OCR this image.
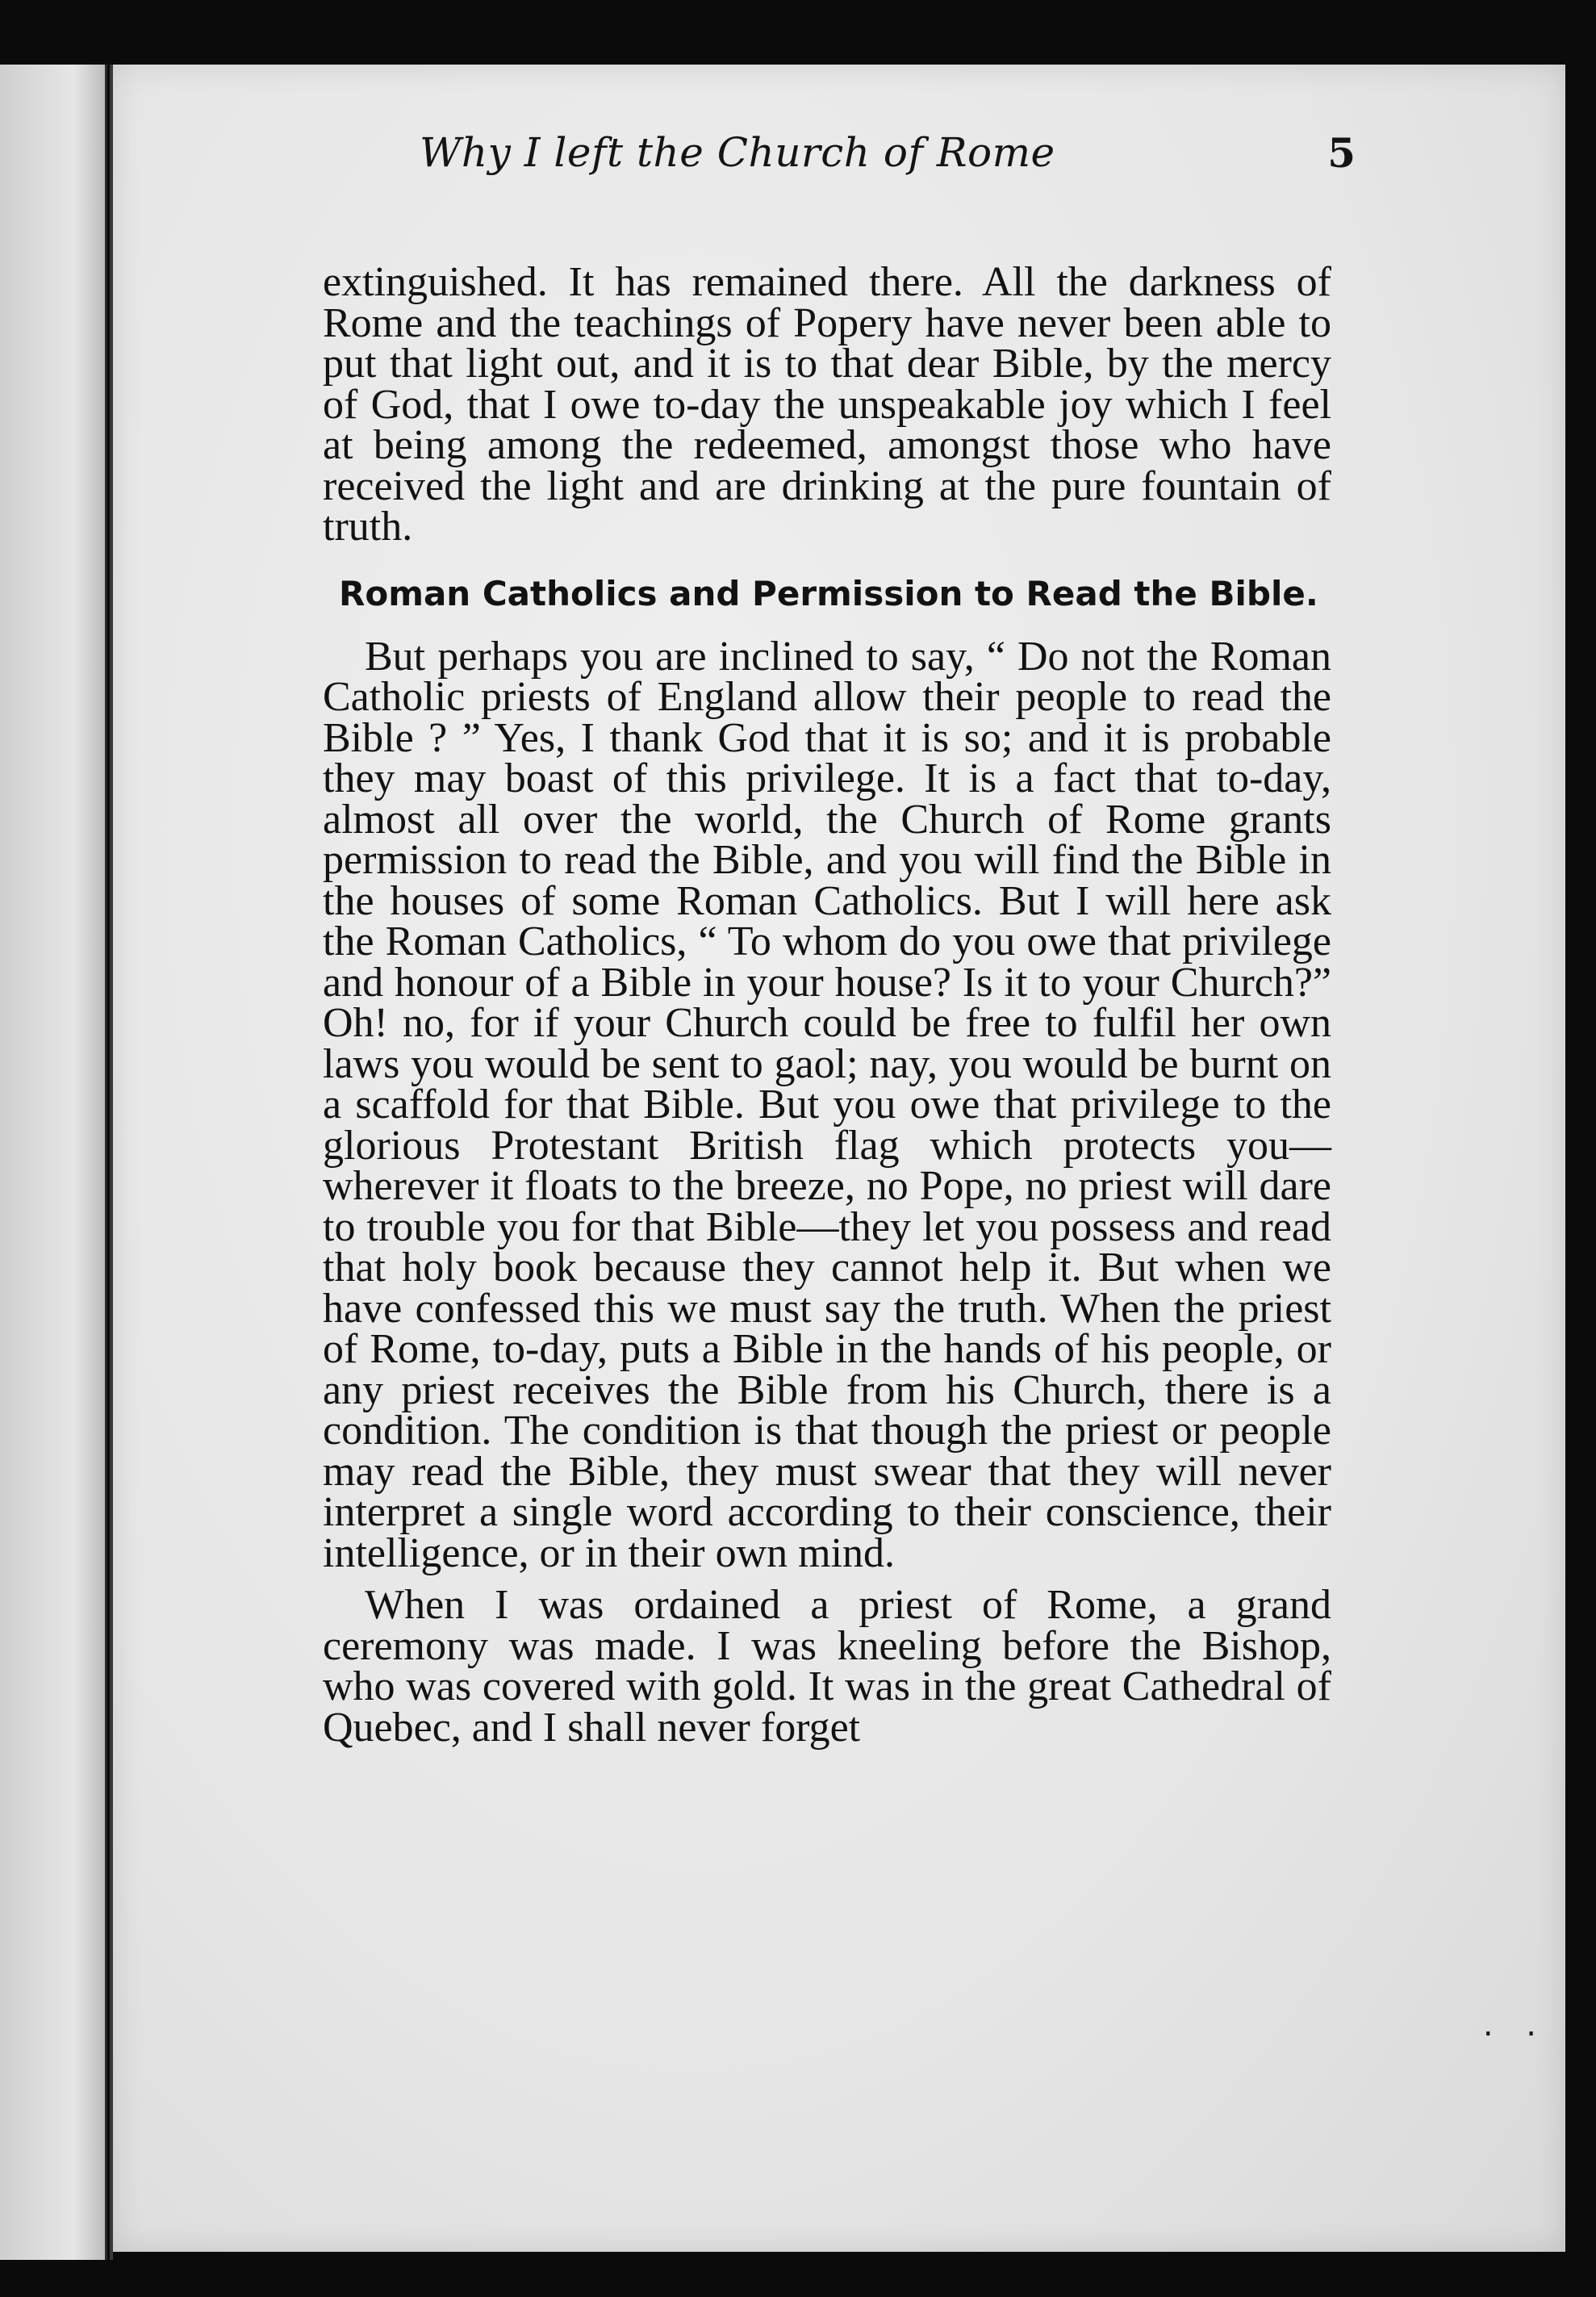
Why I left the Church of Rome	5

extinguished. It has remained there. All the darkness of Rome and the teachings of Popery have never been able to put that light out, and it is to that dear Bible, by the mercy of God, that I owe to-day the unspeakable joy which I feel at being among the redeemed, amongst those who have received the light and are drinking at the pure fountain of truth.

Roman Catholics and Permission to Read the Bible.

But perhaps you are inclined to say, “ Do not the Roman Catholic priests of England allow their people to read the Bible ? ” Yes, I thank God that it is so; and it is probable they may boast of this privilege. It is a fact that to-day, almost all over the world, the Church of Rome grants permission to read the Bible, and you will find the Bible in the houses of some Roman Catholics. But I will here ask the Roman Catholics, “ To whom do you owe that privilege and honour of a Bible in your house? Is it to your Church?” Oh! no, for if your Church could be free to fulfil her own laws you would be sent to gaol; nay, you would be burnt on a scaffold for that Bible. But you owe that privilege to the glorious Protestant British flag which protects you—wherever it floats to the breeze, no Pope, no priest will dare to trouble you for that Bible—they let you possess and read that holy book because they cannot help it. But when we have confessed this we must say the truth. When the priest of Rome, to-day, puts a Bible in the hands of his people, or any priest receives the Bible from his Church, there is a condition. The condition is that though the priest or people may read the Bible, they must swear that they will never interpret a single word according to their conscience, their intelligence, or in their own mind.

When I was ordained a priest of Rome, a grand ceremony was made. I was kneeling before the Bishop, who was covered with gold. It was in the great Cathedral of Quebec, and I shall never forget

. .
